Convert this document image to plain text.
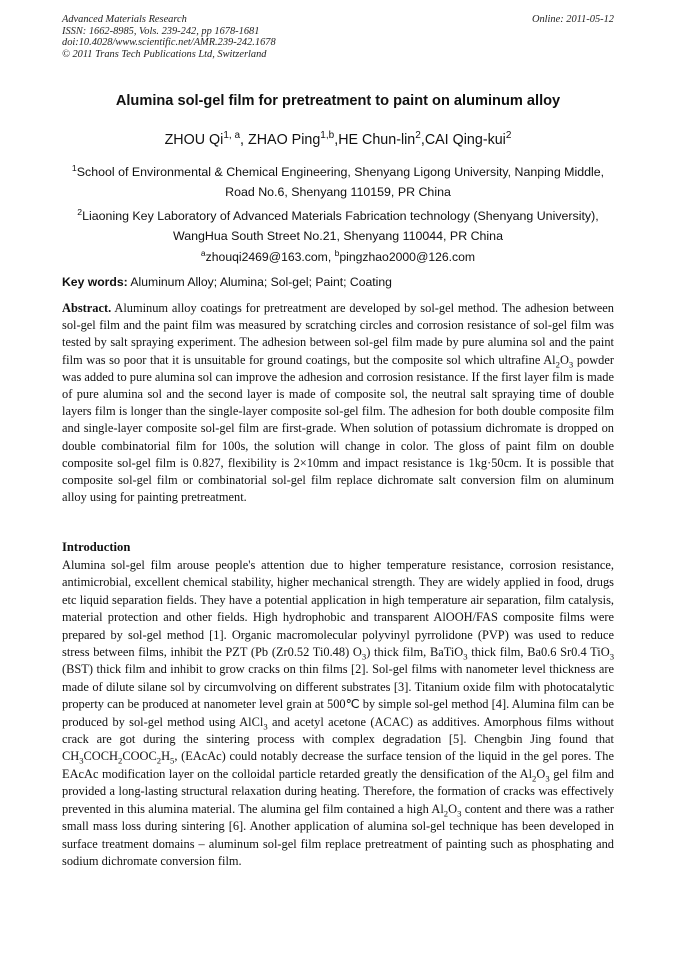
Advanced Materials Research
ISSN: 1662-8985, Vols. 239-242, pp 1678-1681
doi:10.4028/www.scientific.net/AMR.239-242.1678
© 2011 Trans Tech Publications Ltd, Switzerland
Online: 2011-05-12
Alumina sol-gel film for pretreatment to paint on aluminum alloy
ZHOU Qi$^{1, a}$, ZHAO Ping$^{1,b}$,HE Chun-lin$^2$,CAI Qing-kui$^2$
$^1$School of Environmental & Chemical Engineering, Shenyang Ligong University, Nanping Middle, Road No.6, Shenyang 110159, PR China
$^2$Liaoning Key Laboratory of Advanced Materials Fabrication technology (Shenyang University), WangHua South Street No.21, Shenyang 110044, PR China
$^a$zhouqi2469@163.com, $^b$pingzhao2000@126.com
Key words: Aluminum Alloy; Alumina; Sol-gel; Paint; Coating
Abstract. Aluminum alloy coatings for pretreatment are developed by sol-gel method. The adhesion between sol-gel film and the paint film was measured by scratching circles and corrosion resistance of sol-gel film was tested by salt spraying experiment. The adhesion between sol-gel film made by pure alumina sol and the paint film was so poor that it is unsuitable for ground coatings, but the composite sol which ultrafine $Al_2O_3$ powder was added to pure alumina sol can improve the adhesion and corrosion resistance. If the first layer film is made of pure alumina sol and the second layer is made of composite sol, the neutral salt spraying time of double layers film is longer than the single-layer composite sol-gel film. The adhesion for both double composite film and single-layer composite sol-gel film are first-grade. When solution of potassium dichromate is dropped on double combinatorial film for 100s, the solution will change in color. The gloss of paint film on double composite sol-gel film is 0.827, flexibility is 2×10mm and impact resistance is 1kg·50cm. It is possible that composite sol-gel film or combinatorial sol-gel film replace dichromate salt conversion film on aluminum alloy using for painting pretreatment.
Introduction
Alumina sol-gel film arouse people's attention due to higher temperature resistance, corrosion resistance, antimicrobial, excellent chemical stability, higher mechanical strength. They are widely applied in food, drugs etc liquid separation fields. They have a potential application in high temperature air separation, film catalysis, material protection and other fields. High hydrophobic and transparent AlOOH/FAS composite films were prepared by sol-gel method [1]. Organic macromolecular polyvinyl pyrrolidone (PVP) was used to reduce stress between films, inhibit the PZT (Pb (Zr0.52 Ti0.48) $O_3$) thick film, BaTiO$_3$ thick film, Ba0.6 Sr0.4 TiO$_3$ (BST) thick film and inhibit to grow cracks on thin films [2]. Sol-gel films with nanometer level thickness are made of dilute silane sol by circumvolving on different substrates [3]. Titanium oxide film with photocatalytic property can be produced at nanometer level grain at 500℃ by simple sol-gel method [4]. Alumina film can be produced by sol-gel method using AlCl$_3$ and acetyl acetone (ACAC) as additives. Amorphous films without crack are got during the sintering process with complex degradation [5]. Chengbin Jing found that $CH_3COCH_2COOC_2H_5$, (EAcAc) could notably decrease the surface tension of the liquid in the gel pores. The EAcAc modification layer on the colloidal particle retarded greatly the densification of the $Al_2O_3$ gel film and provided a long-lasting structural relaxation during heating. Therefore, the formation of cracks was effectively prevented in this alumina material. The alumina gel film contained a high $Al_2O_3$ content and there was a rather small mass loss during sintering [6]. Another application of alumina sol-gel technique has been developed in surface treatment domains – aluminum sol-gel film replace pretreatment of painting such as phosphating and sodium dichromate conversion film.
